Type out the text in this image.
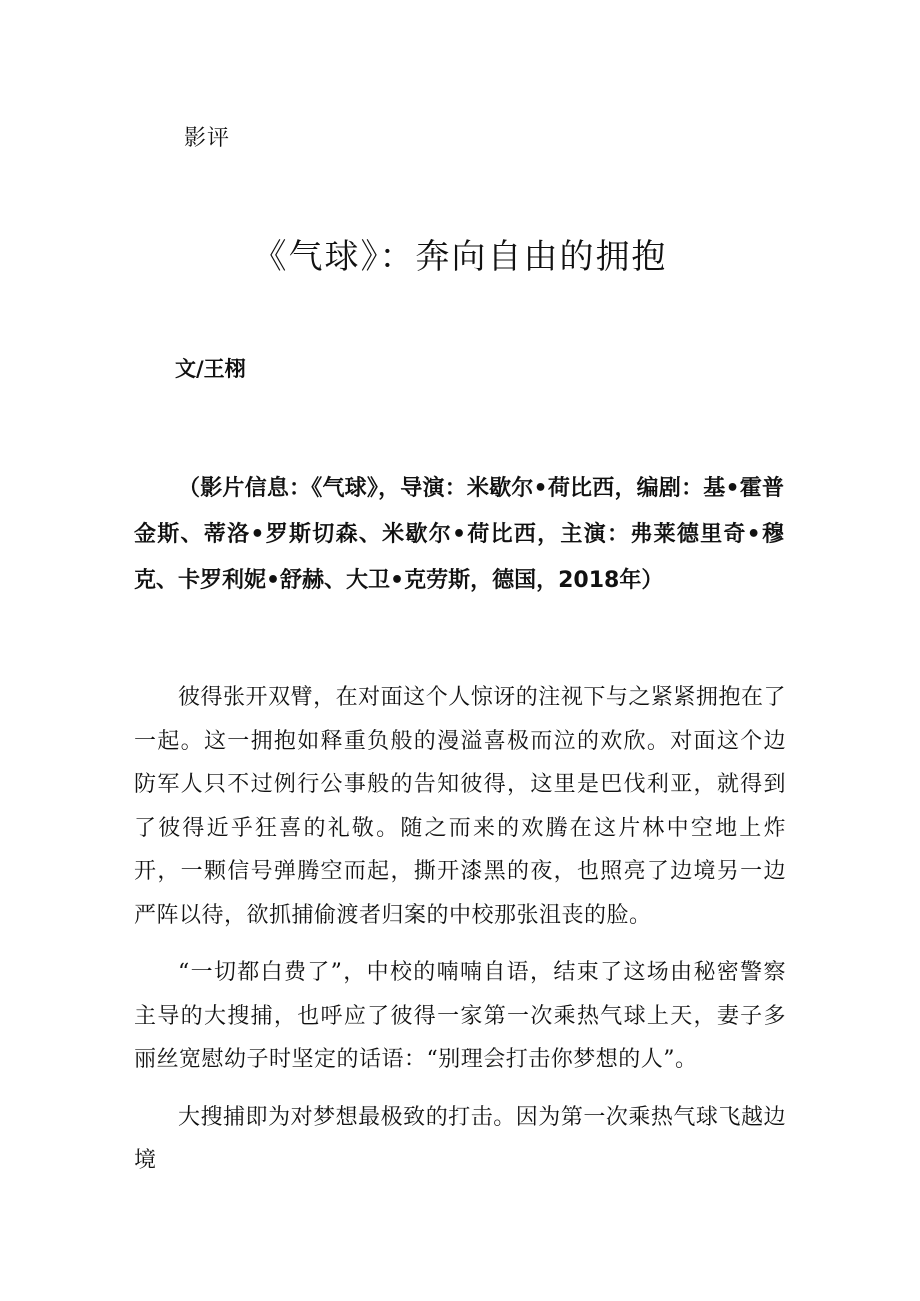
影评
《气球》：奔向自由的拥抱
文/王栩
（影片信息：《气球》，导演：米歇尔•荷比西，编剧：基•霍普金斯、蒂洛•罗斯切森、米歇尔•荷比西，主演：弗莱德里奇•穆克、卡罗利妮•舒赫、大卫•克劳斯，德国，2018年）

彼得张开双臂，在对面这个人惊讶的注视下与之紧紧拥抱在了一起。这一拥抱如释重负般的漫溢喜极而泣的欢欣。对面这个边防军人只不过例行公事般的告知彼得，这里是巴伐利亚，就得到了彼得近乎狂喜的礼敬。随之而来的欢腾在这片林中空地上炸开，一颗信号弹腾空而起，撕开漆黑的夜，也照亮了边境另一边严阵以待，欲抓捕偷渡者归案的中校那张沮丧的脸。

“一切都白费了”，中校的喃喃自语，结束了这场由秘密警察主导的大搜捕，也呼应了彼得一家第一次乘热气球上天，妻子多丽丝宽慰幼子时坚定的话语：“别理会打击你梦想的人”。

大搜捕即为对梦想最极致的打击。因为第一次乘热气球飞越边境
